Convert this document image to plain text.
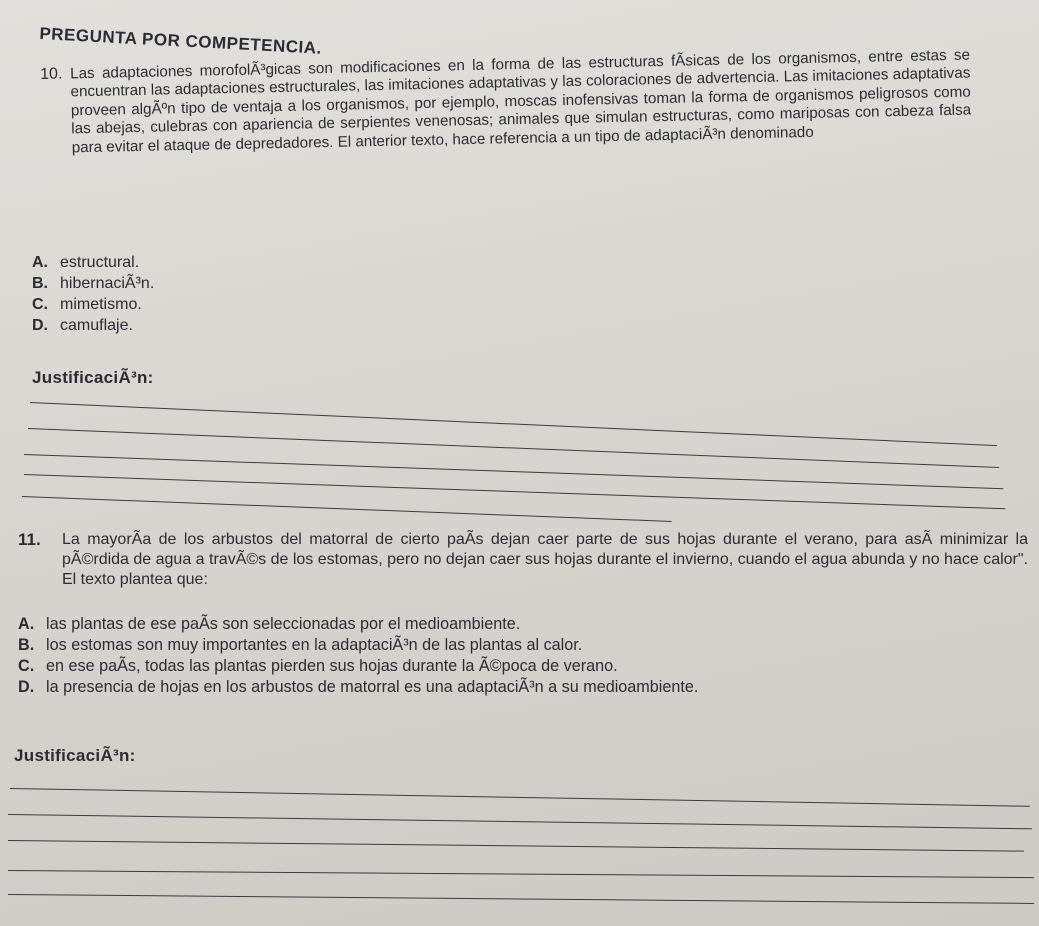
PREGUNTA POR COMPETENCIA.
10. Las adaptaciones morofolÃ³gicas son modificaciones en la forma de las estructuras fÃsicas de los organismos, entre estas se encuentran las adaptaciones estructurales, las imitaciones adaptativas y las coloraciones de advertencia. Las imitaciones adaptativas proveen algÃºn tipo de ventaja a los organismos, por ejemplo, moscas inofensivas toman la forma de organismos peligrosos como las abejas, culebras con apariencia de serpientes venenosas; animales que simulan estructuras, como mariposas con cabeza falsa para evitar el ataque de depredadores. El anterior texto, hace referencia a un tipo de adaptaciÃ³n denominado
A. estructural.
B. hibernaciÃ³n.
C. mimetismo.
D. camuflaje.
JustificaciÃ³n:
11. La mayorÃa de los arbustos del matorral de cierto paÃs dejan caer parte de sus hojas durante el verano, para asÃ minimizar la pÃ©rdida de agua a travÃ©s de los estomas, pero no dejan caer sus hojas durante el invierno, cuando el agua abunda y no hace calor". El texto plantea que:
A. las plantas de ese paÃs son seleccionadas por el medioambiente.
B. los estomas son muy importantes en la adaptaciÃ³n de las plantas al calor.
C. en ese paÃs, todas las plantas pierden sus hojas durante la Ã©poca de verano.
D. la presencia de hojas en los arbustos de matorral es una adaptaciÃ³n a su medioambiente.
JustificaciÃ³n:
